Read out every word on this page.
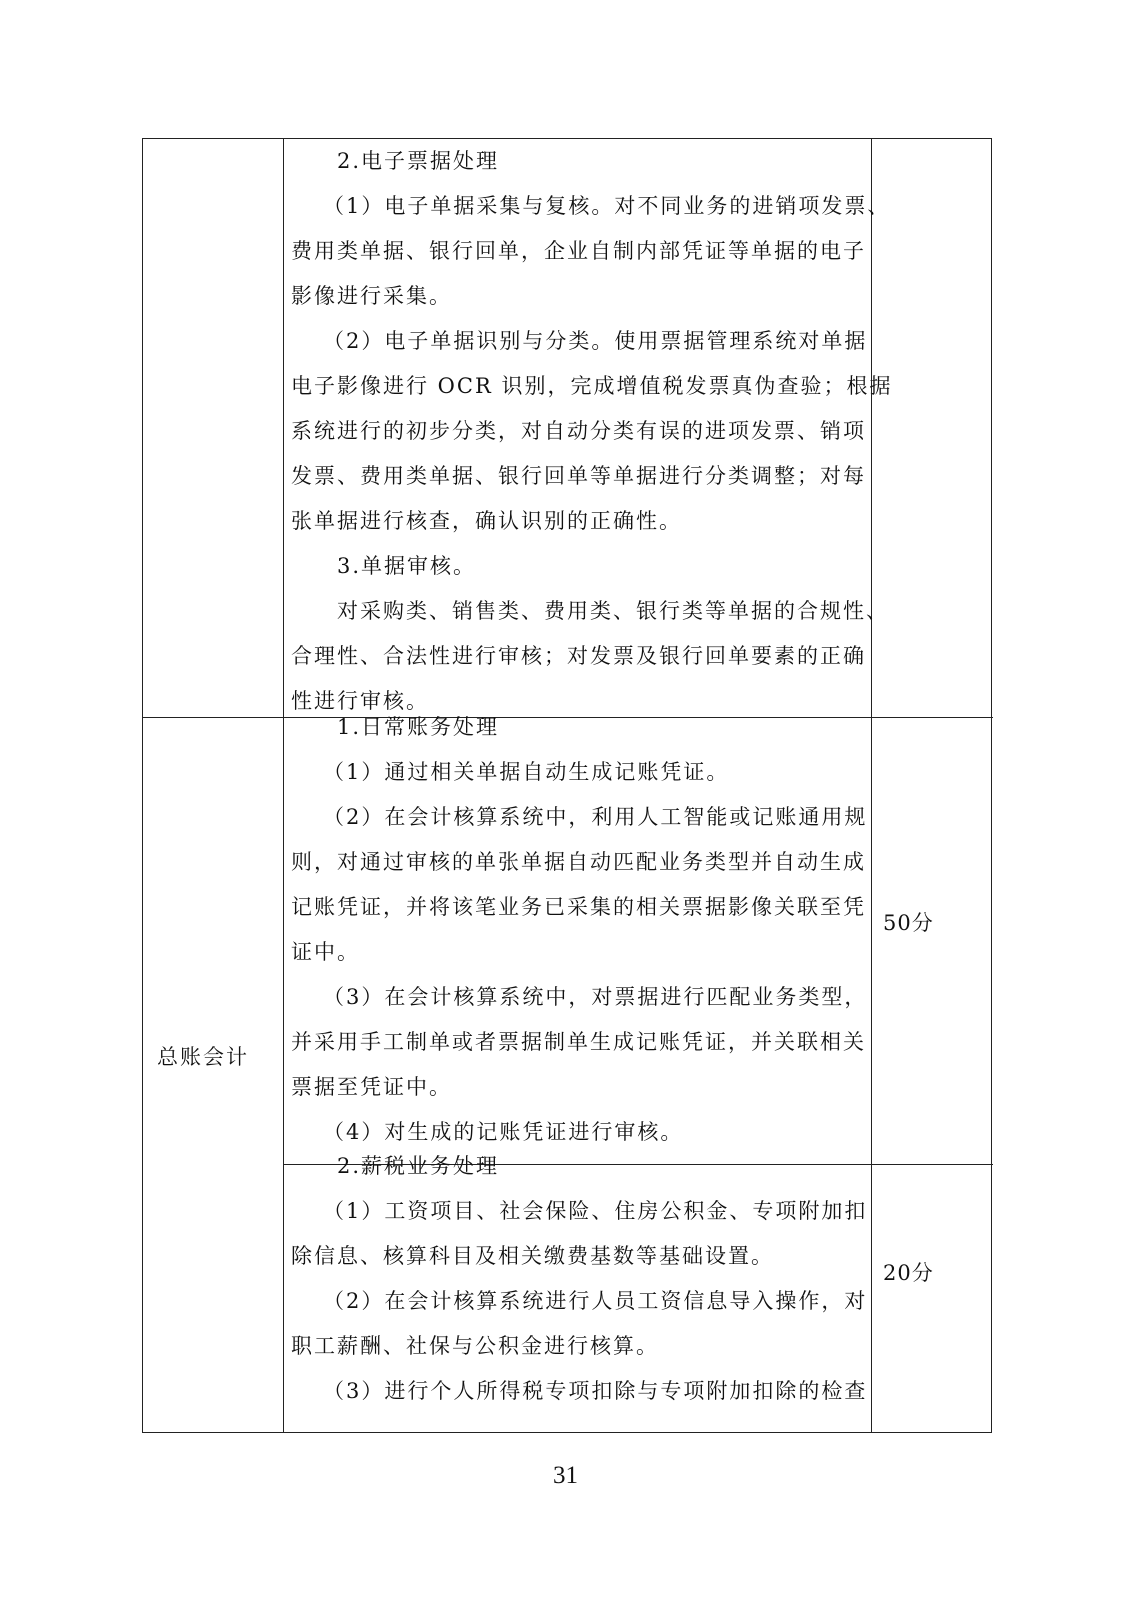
2.电子票据处理
（1）电子单据采集与复核。对不同业务的进销项发票、
费用类单据、银行回单，企业自制内部凭证等单据的电子
影像进行采集。
（2）电子单据识别与分类。使用票据管理系统对单据
电子影像进行 OCR 识别，完成增值税发票真伪查验；根据
系统进行的初步分类，对自动分类有误的进项发票、销项
发票、费用类单据、银行回单等单据进行分类调整；对每
张单据进行核查，确认识别的正确性。
3.单据审核。
对采购类、销售类、费用类、银行类等单据的合规性、
合理性、合法性进行审核；对发票及银行回单要素的正确
性进行审核。
总账会计
1.日常账务处理
（1）通过相关单据自动生成记账凭证。
（2）在会计核算系统中，利用人工智能或记账通用规
则，对通过审核的单张单据自动匹配业务类型并自动生成
记账凭证，并将该笔业务已采集的相关票据影像关联至凭
证中。
（3）在会计核算系统中，对票据进行匹配业务类型，
并采用手工制单或者票据制单生成记账凭证，并关联相关
票据至凭证中。
（4）对生成的记账凭证进行审核。
50分
2.薪税业务处理
（1）工资项目、社会保险、住房公积金、专项附加扣
除信息、核算科目及相关缴费基数等基础设置。
（2）在会计核算系统进行人员工资信息导入操作，对
职工薪酬、社保与公积金进行核算。
（3）进行个人所得税专项扣除与专项附加扣除的检查
20分
31
